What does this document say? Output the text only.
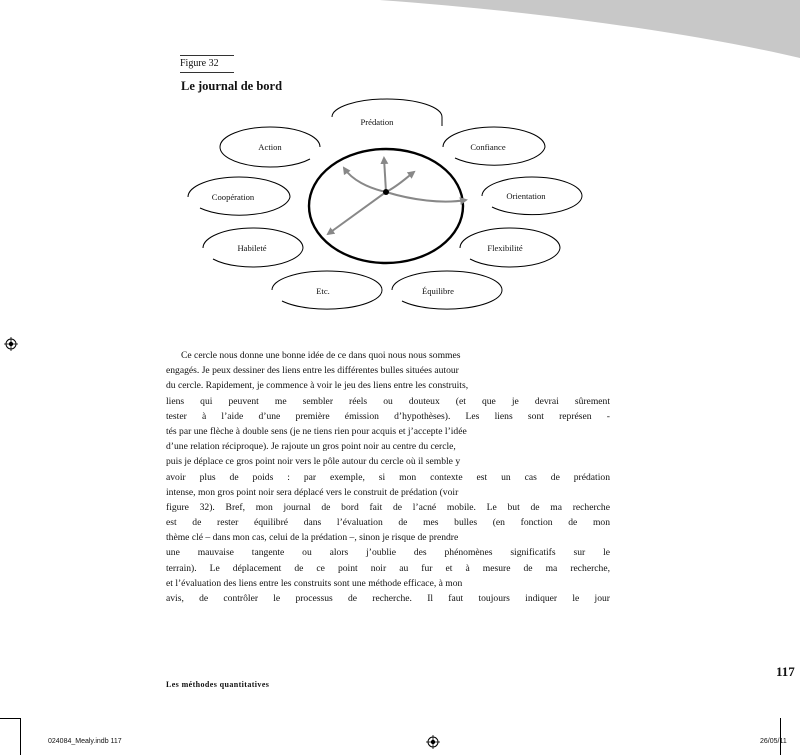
Figure 32
Le journal de bord
Prédation
Action	Confiance
Coopération	Orientation
Habileté	Flexibilité
Etc.	Équilibre
Ce cercle nous donne une bonne idée de ce dans quoi nous nous sommes
engagés. Je peux dessiner des liens entre les différentes bulles situées autour
du cercle. Rapidement, je commence à voir le jeu des liens entre les construits,
liens qui peuvent me sembler réels ou douteux (et que je devrai sûrement
tester à l’aide d’une première émission d’hypothèses). Les liens sont représen -
tés par une flèche à double sens (je ne tiens rien pour acquis et j’accepte l’idée
d’une relation réciproque). Je rajoute un gros point noir au centre du cercle,
puis je déplace ce gros point noir vers le pôle autour du cercle où il semble y
avoir plus de poids : par exemple, si mon contexte est un cas de prédation
intense, mon gros point noir sera déplacé vers le construit de prédation (voir
figure 32). Bref, mon journal de bord fait de l’acné mobile. Le but de ma recherche
est de rester équilibré dans l’évaluation de mes bulles (en fonction de mon
thème clé – dans mon cas, celui de la prédation –, sinon je risque de prendre
une mauvaise tangente ou alors j’oublie des phénomènes significatifs sur le
terrain). Le déplacement de ce point noir au fur et à mesure de ma recherche,
et l’évaluation des liens entre les construits sont une méthode efficace, à mon
avis, de contrôler le processus de recherche. Il faut toujours indiquer le jour
117
Les méthodes quantitatives
024084_Mealy.indb 117	26/05/11
